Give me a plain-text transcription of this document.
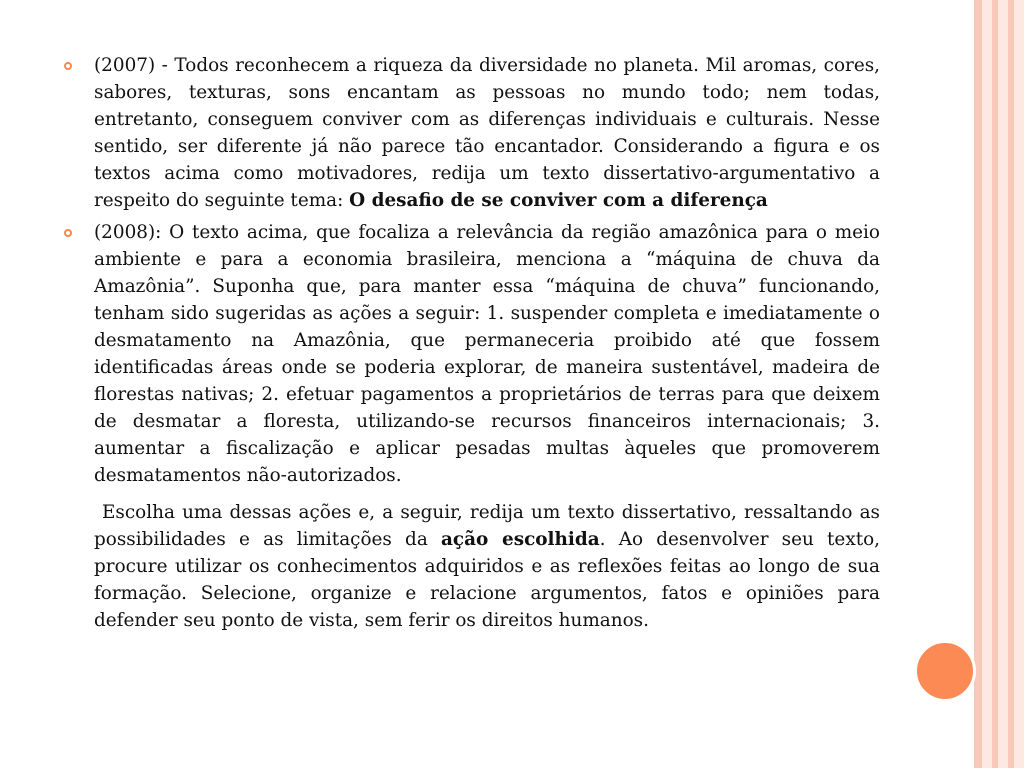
(2007) - Todos reconhecem a riqueza da diversidade no planeta. Mil aromas, cores, sabores, texturas, sons encantam as pessoas no mundo todo; nem todas, entretanto, conseguem conviver com as diferenças individuais e culturais. Nesse sentido, ser diferente já não parece tão encantador. Considerando a figura e os textos acima como motivadores, redija um texto dissertativo-argumentativo a respeito do seguinte tema: O desafio de se conviver com a diferença

(2008): O texto acima, que focaliza a relevância da região amazônica para o meio ambiente e para a economia brasileira, menciona a “máquina de chuva da Amazônia”. Suponha que, para manter essa “máquina de chuva” funcionando, tenham sido sugeridas as ações a seguir: 1. suspender completa e imediatamente o desmatamento na Amazônia, que permaneceria proibido até que fossem identificadas áreas onde se poderia explorar, de maneira sustentável, madeira de florestas nativas; 2. efetuar pagamentos a proprietários de terras para que deixem de desmatar a floresta, utilizando-se recursos financeiros internacionais; 3. aumentar a fiscalização e aplicar pesadas multas àqueles que promoverem desmatamentos não-autorizados.

Escolha uma dessas ações e, a seguir, redija um texto dissertativo, ressaltando as possibilidades e as limitações da ação escolhida. Ao desenvolver seu texto, procure utilizar os conhecimentos adquiridos e as reflexões feitas ao longo de sua formação. Selecione, organize e relacione argumentos, fatos e opiniões para defender seu ponto de vista, sem ferir os direitos humanos.
